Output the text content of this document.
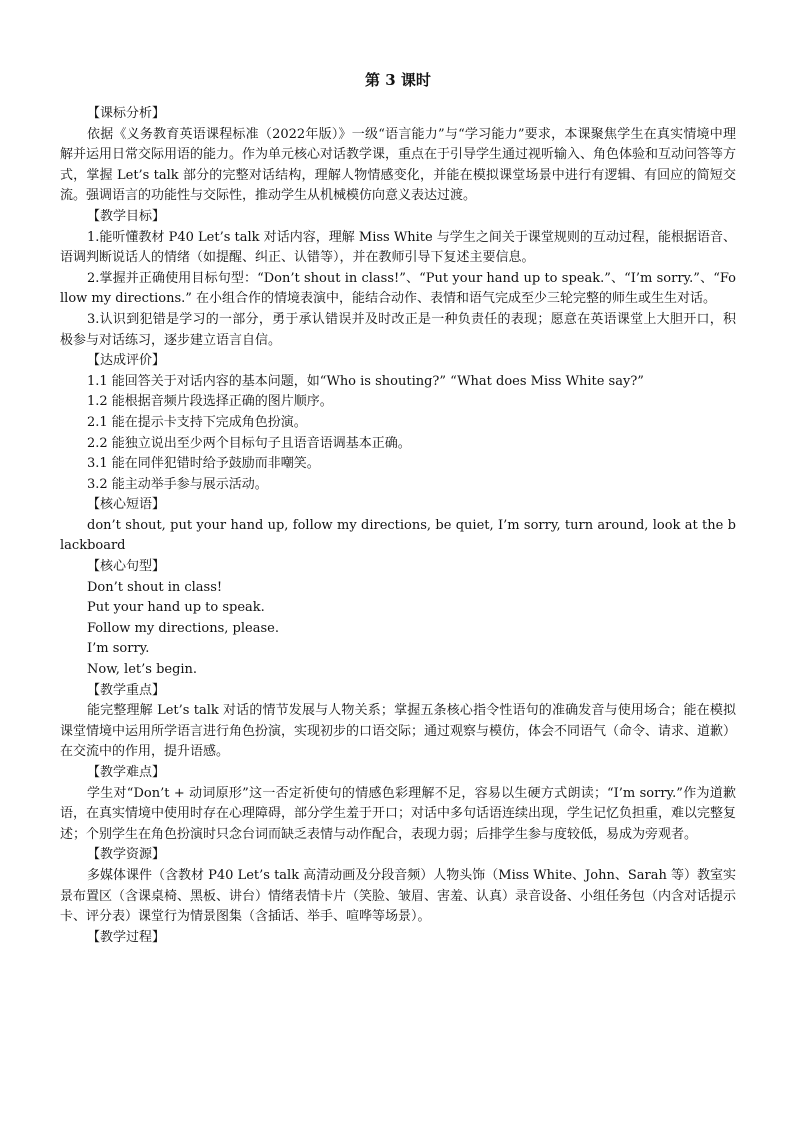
第 3 课时
【课标分析】

依据《义务教育英语课程标准（2022年版）》一级“语言能力”与“学习能力”要求，本课聚焦学生在真实情境中理解并运用日常交际用语的能力。作为单元核心对话教学课，重点在于引导学生通过视听输入、角色体验和互动问答等方式，掌握 Let’s talk 部分的完整对话结构，理解人物情感变化，并能在模拟课堂场景中进行有逻辑、有回应的简短交流。强调语言的功能性与交际性，推动学生从机械模仿向意义表达过渡。

【教学目标】

1.能听懂教材 P40 Let’s talk 对话内容，理解 Miss White 与学生之间关于课堂规则的互动过程，能根据语音、语调判断说话人的情绪（如提醒、纠正、认错等），并在教师引导下复述主要信息。

2.掌握并正确使用目标句型：“Don’t shout in class!”、“Put your hand up to speak.”、“I’m sorry.”、“Follow my directions.” 在小组合作的情境表演中，能结合动作、表情和语气完成至少三轮完整的师生或生生对话。

3.认识到犯错是学习的一部分，勇于承认错误并及时改正是一种负责任的表现；愿意在英语课堂上大胆开口，积极参与对话练习，逐步建立语言自信。

【达成评价】

1.1 能回答关于对话内容的基本问题，如“Who is shouting?” “What does Miss White say?”

1.2 能根据音频片段选择正确的图片顺序。

2.1 能在提示卡支持下完成角色扮演。

2.2 能独立说出至少两个目标句子且语音语调基本正确。

3.1 能在同伴犯错时给予鼓励而非嘲笑。

3.2 能主动举手参与展示活动。

【核心短语】

don’t shout, put your hand up, follow my directions, be quiet, I’m sorry, turn around, look at the blackboard

【核心句型】

Don’t shout in class!

Put your hand up to speak.

Follow my directions, please.

I’m sorry.

Now, let’s begin.

【教学重点】

能完整理解 Let’s talk 对话的情节发展与人物关系；掌握五条核心指令性语句的准确发音与使用场合；能在模拟课堂情境中运用所学语言进行角色扮演，实现初步的口语交际；通过观察与模仿，体会不同语气（命令、请求、道歉）在交流中的作用，提升语感。

【教学难点】

学生对“Don’t + 动词原形”这一否定祈使句的情感色彩理解不足，容易以生硬方式朗读；“I’m sorry.”作为道歉语，在真实情境中使用时存在心理障碍，部分学生羞于开口；对话中多句话语连续出现，学生记忆负担重，难以完整复述；个别学生在角色扮演时只念台词而缺乏表情与动作配合，表现力弱；后排学生参与度较低，易成为旁观者。

【教学资源】

多媒体课件（含教材 P40 Let’s talk 高清动画及分段音频）人物头饰（Miss White、John、Sarah 等）教室实景布置区（含课桌椅、黑板、讲台）情绪表情卡片（笑脸、皱眉、害羞、认真）录音设备、小组任务包（内含对话提示卡、评分表）课堂行为情景图集（含插话、举手、喧哗等场景）。

【教学过程】
